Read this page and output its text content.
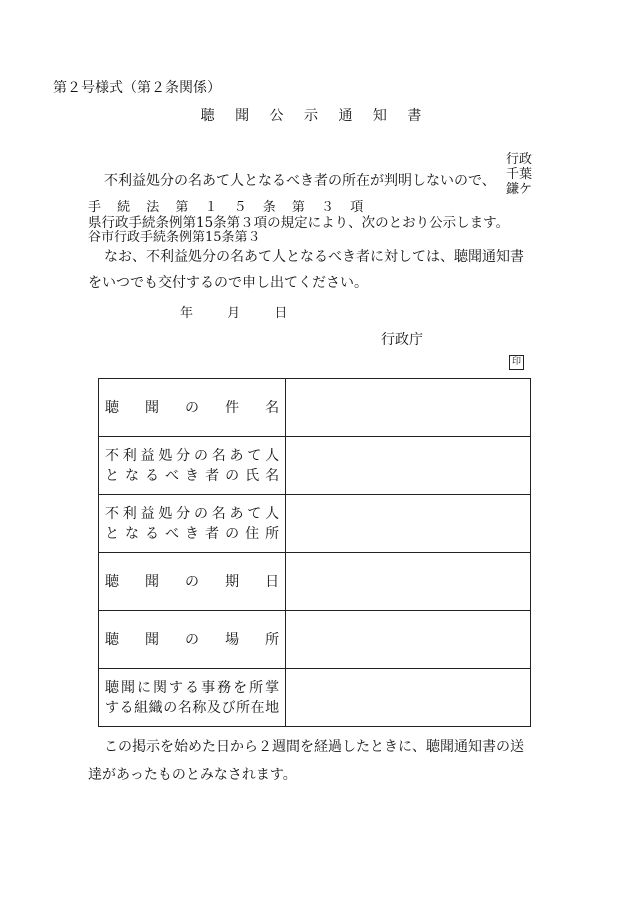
第２号様式（第２条関係）
聴 聞 公 示 通 知 書
不利益処分の名あて人となるべき者の所在が判明しないので、
行政
千葉
鎌ケ
手 続 法 第 １ ５ 条 第 ３ 項
県行政手続条例第15条第３項の規定により、次のとおり公示します。
谷市行政手続条例第15条第３
なお、不利益処分の名あて人となるべき者に対しては、聴聞通知書
をいつでも交付するので申し出てください。
年	月	日
行政庁
印
聴　聞　の　件　名	

不利益処分の名あて人
となるべき者の氏名	

不利益処分の名あて人
となるべき者の住所	

聴　聞　の　期　日	

聴　聞　の　場　所	

聴聞に関する事務を所掌
する組織の名称及び所在地	

この掲示を始めた日から２週間を経過したときに、聴聞通知書の送
達があったものとみなされます。
